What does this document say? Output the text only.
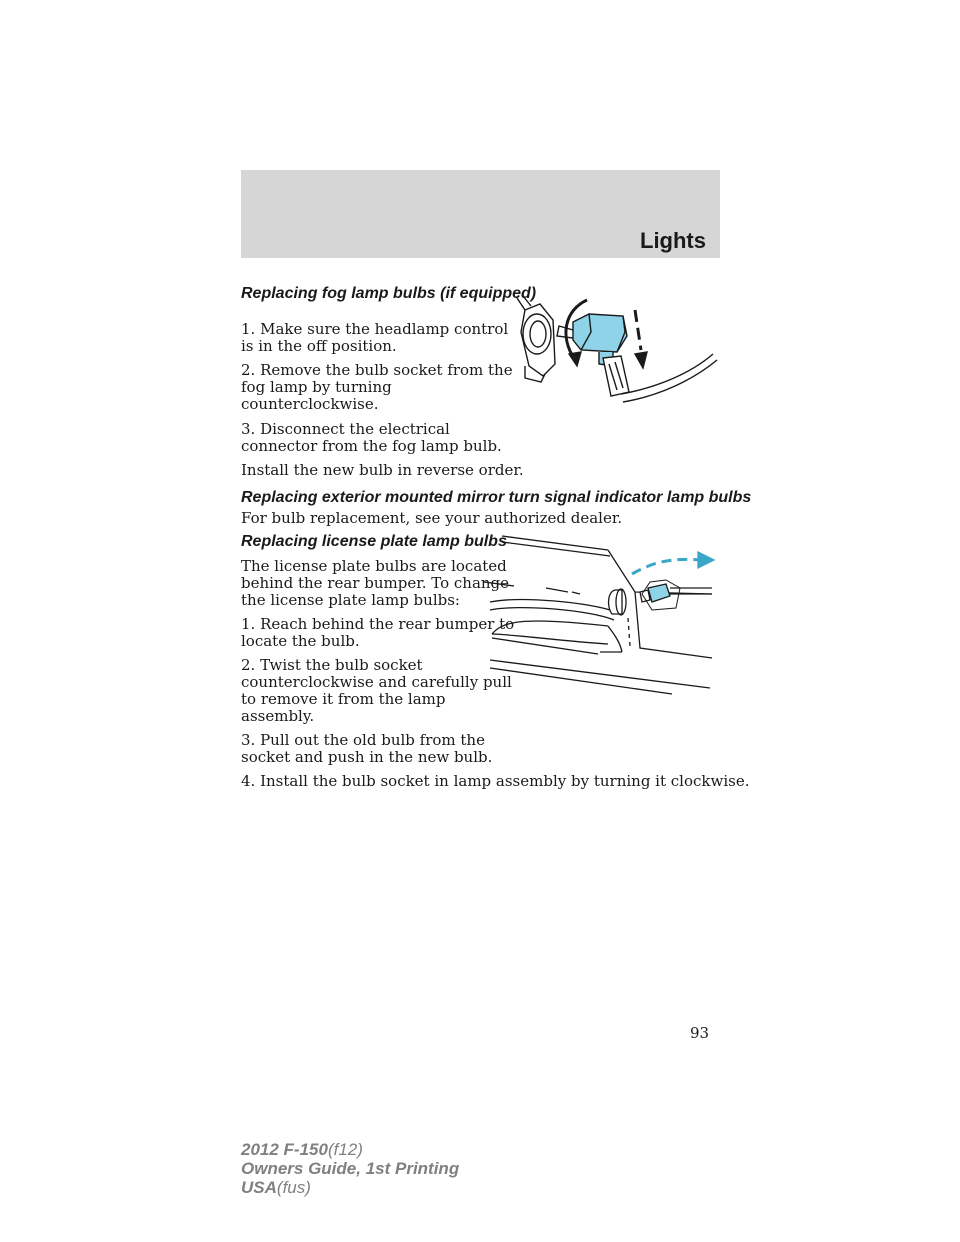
Lights
Replacing fog lamp bulbs (if equipped)
1. Make sure the headlamp control
is in the off position.
2. Remove the bulb socket from the
fog lamp by turning
counterclockwise.
3. Disconnect the electrical
connector from the fog lamp bulb.
Install the new bulb in reverse order.
Replacing exterior mounted mirror turn signal indicator lamp bulbs
For bulb replacement, see your authorized dealer.
Replacing license plate lamp bulbs
The license plate bulbs are located
behind the rear bumper. To change
the license plate lamp bulbs:
1. Reach behind the rear bumper to
locate the bulb.
2. Twist the bulb socket
counterclockwise and carefully pull
to remove it from the lamp
assembly.
3. Pull out the old bulb from the
socket and push in the new bulb.
4. Install the bulb socket in lamp assembly by turning it clockwise.
93
2012 F-150(f12)
Owners Guide, 1st Printing
USA(fus)
